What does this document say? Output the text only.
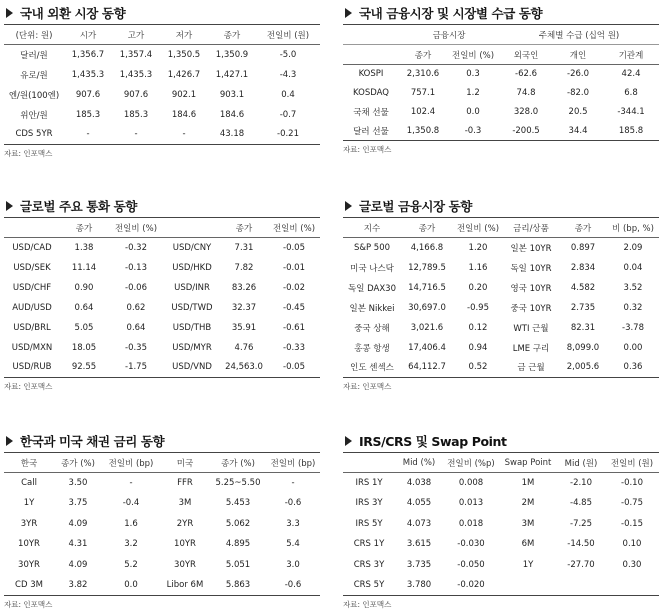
국내 외환 시장 동향
(단위: 원)	시가	고가	저가	종가	전일비 (원)
달러/원	1,356.7	1,357.4	1,350.5	1,350.9	-5.0
유로/원	1,435.3	1,435.3	1,426.7	1,427.1	-4.3
엔/원(100엔)	907.6	907.6	902.1	903.1	0.4
위안/원	185.3	185.3	184.6	184.6	-0.7
CDS 5YR	-	-	-	43.18	-0.21
자료: 인포맥스
국내 금융시장 및 시장별 수급 동향
	금융시장		주체별 수급 (십억 원)		
	종가	전일비 (%)	외국인	개인	기관계
KOSPI	2,310.6	0.3	-62.6	-26.0	42.4
KOSDAQ	757.1	1.2	74.8	-82.0	6.8
국채 선물	102.4	0.0	328.0	20.5	-344.1
달러 선물	1,350.8	-0.3	-200.5	34.4	185.8
자료: 인포맥스
글로벌 주요 통화 동향
	종가	전일비 (%)		종가	전일비 (%)
USD/CAD	1.38	-0.32	USD/CNY	7.31	-0.05
USD/SEK	11.14	-0.13	USD/HKD	7.82	-0.01
USD/CHF	0.90	-0.06	USD/INR	83.26	-0.02
AUD/USD	0.64	0.62	USD/TWD	32.37	-0.45
USD/BRL	5.05	0.64	USD/THB	35.91	-0.61
USD/MXN	18.05	-0.35	USD/MYR	4.76	-0.33
USD/RUB	92.55	-1.75	USD/VND	24,563.0	-0.05
자료: 인포맥스
글로벌 금융시장 동향
지수	종가	전일비 (%)	금리/상품	종가	비 (bp, %)
S&P 500	4,166.8	1.20	일본 10YR	0.897	2.09
미국 나스닥	12,789.5	1.16	독일 10YR	2.834	0.04
독일 DAX30	14,716.5	0.20	영국 10YR	4.582	3.52
일본 Nikkei	30,697.0	-0.95	중국 10YR	2.735	0.32
중국 상해	3,021.6	0.12	WTI 근월	82.31	-3.78
홍콩 항생	17,406.4	0.94	LME 구리	8,099.0	0.00
인도 센섹스	64,112.7	0.52	금 근월	2,005.6	0.36
자료: 인포맥스
한국과 미국 채권 금리 동향
한국	종가 (%)	전일비 (bp)	미국	종가 (%)	전일비 (bp)
Call	3.50	-	FFR	5.25~5.50	-
1Y	3.75	-0.4	3M	5.453	-0.6
3YR	4.09	1.6	2YR	5.062	3.3
10YR	4.31	3.2	10YR	4.895	5.4
30YR	4.09	5.2	30YR	5.051	3.0
CD 3M	3.82	0.0	Libor 6M	5.863	-0.6
자료: 인포맥스
IRS/CRS 및 Swap Point
	Mid (%)	전일비 (%p)	Swap Point	Mid (원)	전일비 (원)
IRS 1Y	4.038	0.008	1M	-2.10	-0.10
IRS 3Y	4.055	0.013	2M	-4.85	-0.75
IRS 5Y	4.073	0.018	3M	-7.25	-0.15
CRS 1Y	3.615	-0.030	6M	-14.50	0.10
CRS 3Y	3.735	-0.050	1Y	-27.70	0.30
CRS 5Y	3.780	-0.020			
자료: 인포맥스
